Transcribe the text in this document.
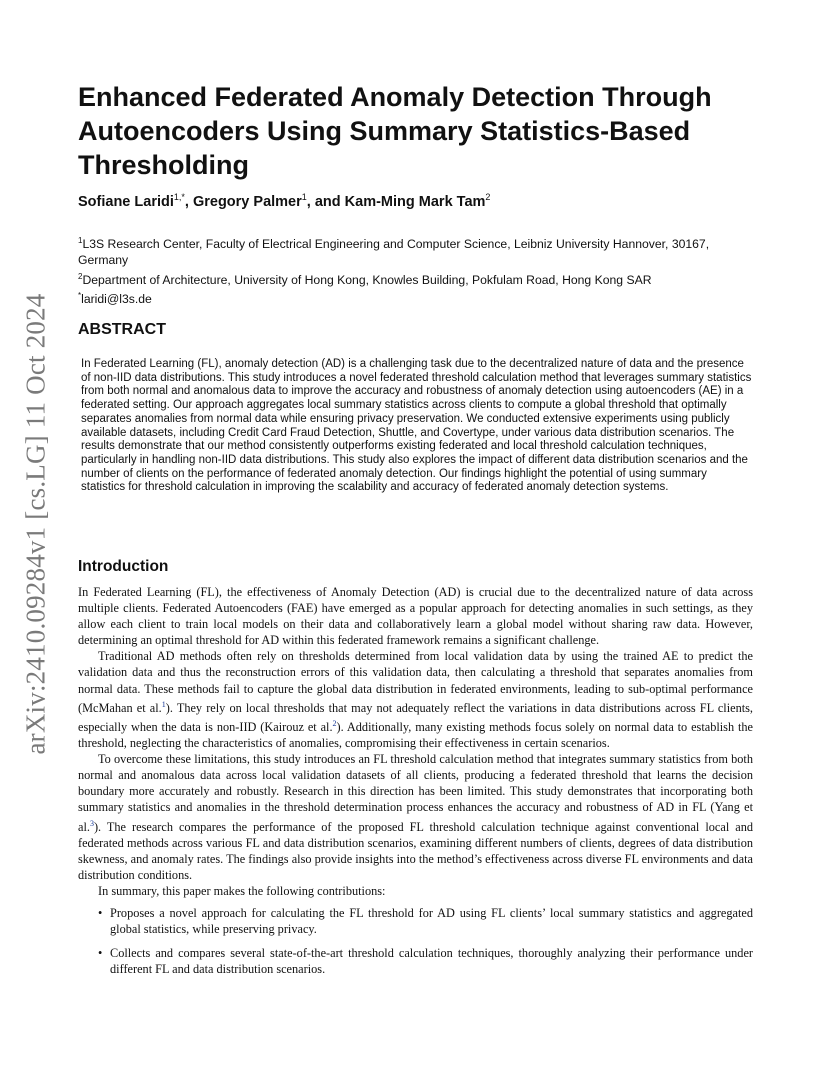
arXiv:2410.09284v1 [cs.LG] 11 Oct 2024
Enhanced Federated Anomaly Detection Through Autoencoders Using Summary Statistics-Based Thresholding
Sofiane Laridi$^{1,*}$, Gregory Palmer$^1$, and Kam-Ming Mark Tam$^2$
$^1$L3S Research Center, Faculty of Electrical Engineering and Computer Science, Leibniz University Hannover, 30167, Germany
$^2$Department of Architecture, University of Hong Kong, Knowles Building, Pokfulam Road, Hong Kong SAR
*laridi@l3s.de
ABSTRACT

In Federated Learning (FL), anomaly detection (AD) is a challenging task due to the decentralized nature of data and the presence of non-IID data distributions. This study introduces a novel federated threshold calculation method that leverages summary statistics from both normal and anomalous data to improve the accuracy and robustness of anomaly detection using autoencoders (AE) in a federated setting. Our approach aggregates local summary statistics across clients to compute a global threshold that optimally separates anomalies from normal data while ensuring privacy preservation. We conducted extensive experiments using publicly available datasets, including Credit Card Fraud Detection, Shuttle, and Covertype, under various data distribution scenarios. The results demonstrate that our method consistently outperforms existing federated and local threshold calculation techniques, particularly in handling non-IID data distributions. This study also explores the impact of different data distribution scenarios and the number of clients on the performance of federated anomaly detection. Our findings highlight the potential of using summary statistics for threshold calculation in improving the scalability and accuracy of federated anomaly detection systems.

Introduction

In Federated Learning (FL), the effectiveness of Anomaly Detection (AD) is crucial due to the decentralized nature of data across multiple clients. Federated Autoencoders (FAE) have emerged as a popular approach for detecting anomalies in such settings, as they allow each client to train local models on their data and collaboratively learn a global model without sharing raw data. However, determining an optimal threshold for AD within this federated framework remains a significant challenge.

Traditional AD methods often rely on thresholds determined from local validation data by using the trained AE to predict the validation data and thus the reconstruction errors of this validation data, then calculating a threshold that separates anomalies from normal data. These methods fail to capture the global data distribution in federated environments, leading to sub-optimal performance (McMahan et al.$^1$). They rely on local thresholds that may not adequately reflect the variations in data distributions across FL clients, especially when the data is non-IID (Kairouz et al.$^2$). Additionally, many existing methods focus solely on normal data to establish the threshold, neglecting the characteristics of anomalies, compromising their effectiveness in certain scenarios.

To overcome these limitations, this study introduces an FL threshold calculation method that integrates summary statistics from both normal and anomalous data across local validation datasets of all clients, producing a federated threshold that learns the decision boundary more accurately and robustly. Research in this direction has been limited. This study demonstrates that incorporating both summary statistics and anomalies in the threshold determination process enhances the accuracy and robustness of AD in FL (Yang et al.$^3$). The research compares the performance of the proposed FL threshold calculation technique against conventional local and federated methods across various FL and data distribution scenarios, examining different numbers of clients, degrees of data distribution skewness, and anomaly rates. The findings also provide insights into the method’s effectiveness across diverse FL environments and data distribution conditions.

In summary, this paper makes the following contributions:

• Proposes a novel approach for calculating the FL threshold for AD using FL clients’ local summary statistics and aggregated global statistics, while preserving privacy.
• Collects and compares several state-of-the-art threshold calculation techniques, thoroughly analyzing their performance under different FL and data distribution scenarios.
